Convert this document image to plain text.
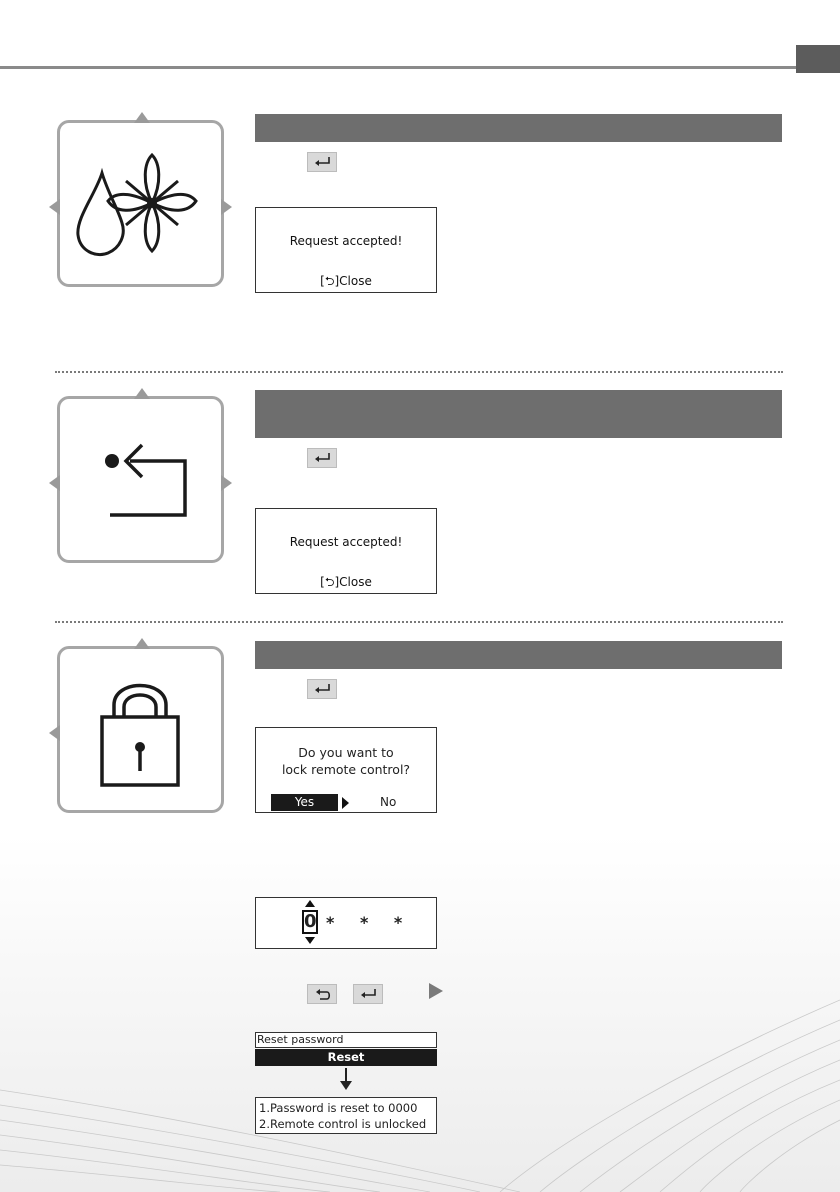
Request accepted!
[⮌]Close
Request accepted!
[⮌]Close
Do you want to
lock remote control?
Yes	No
0 * * *
Reset password
Reset
1.Password is reset to 0000
2.Remote control is unlocked
